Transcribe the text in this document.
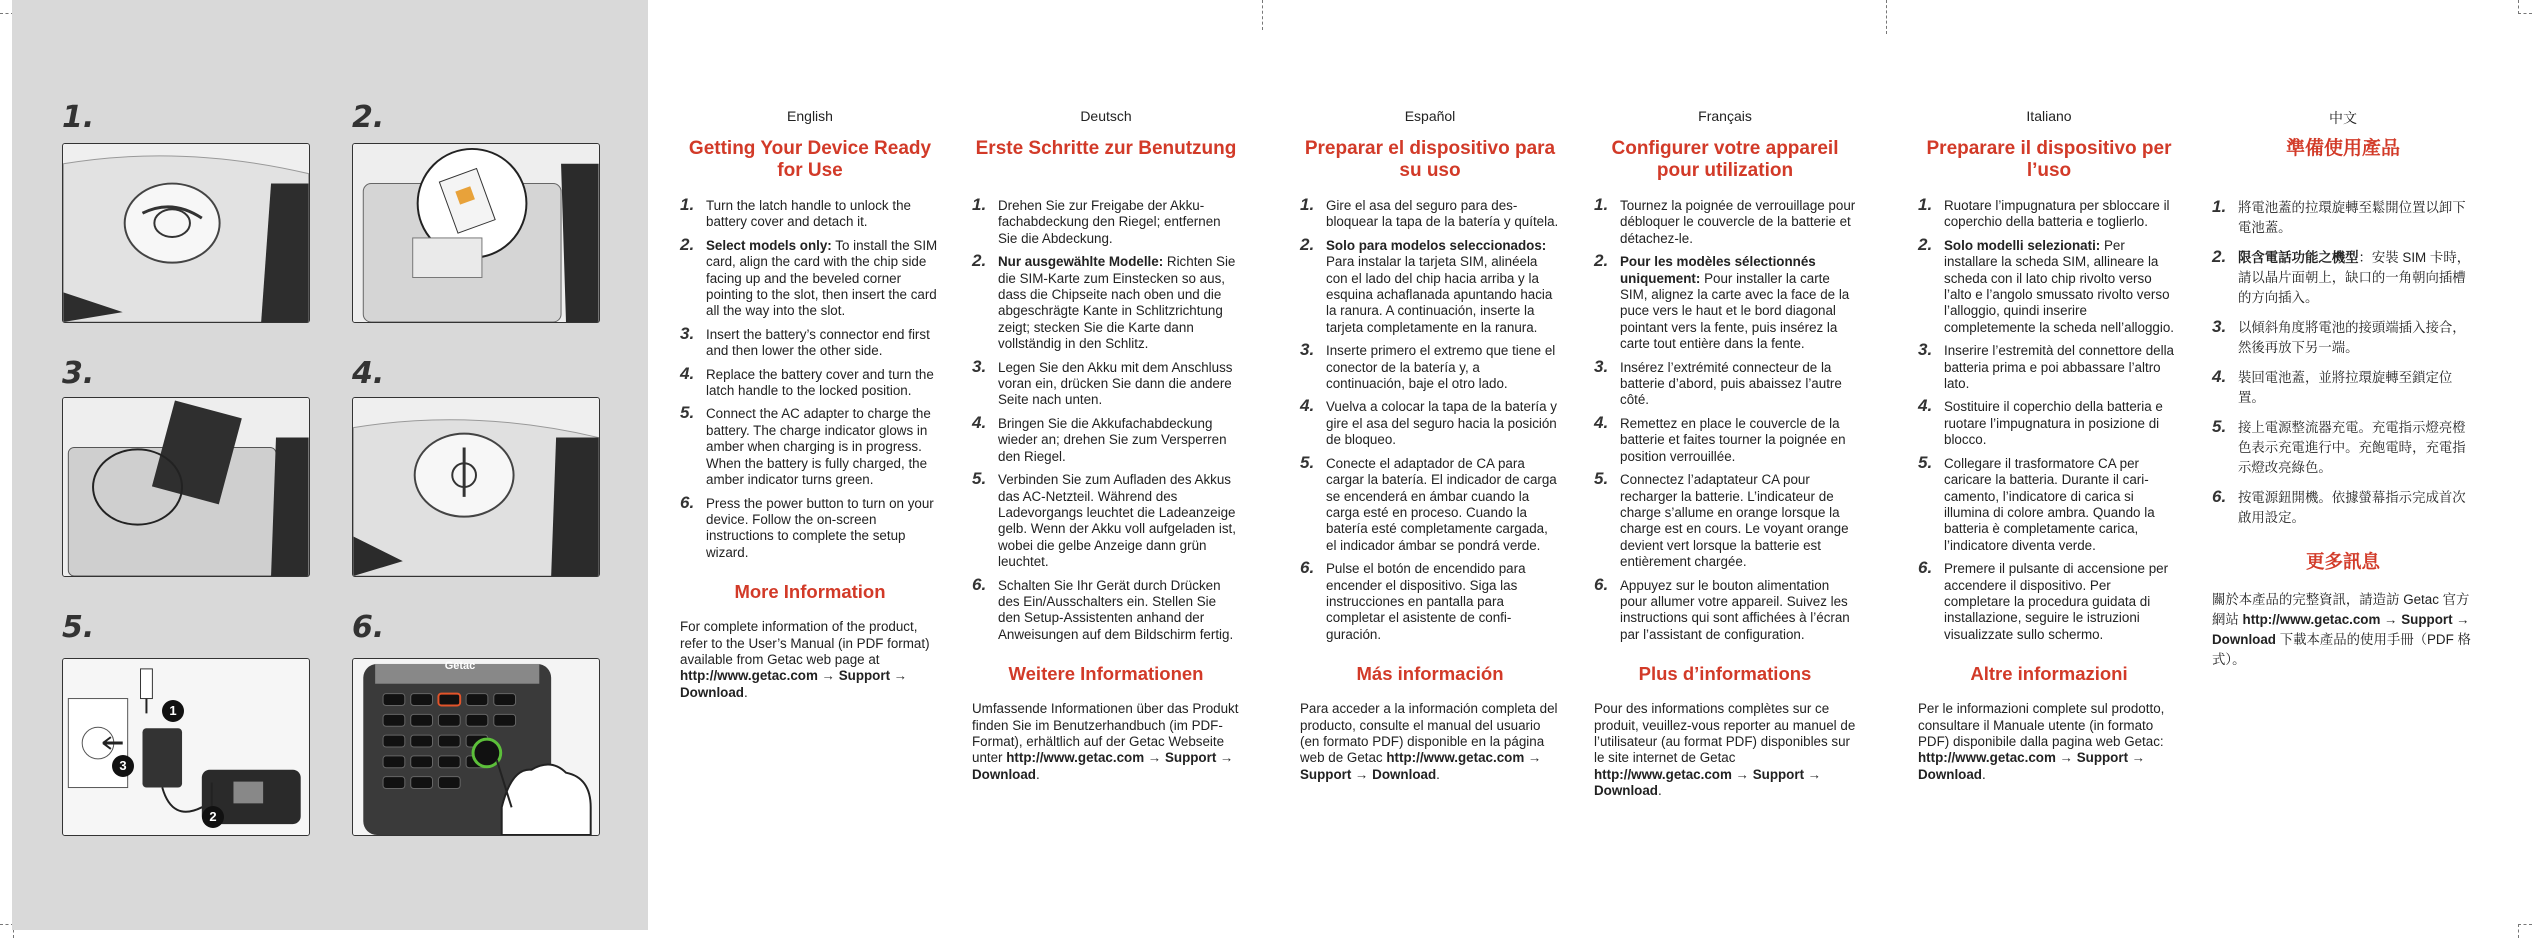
1.	2.
3.	4.
5.	6.
1
2
3
Getac
English
Getting Your Device Ready for Use
1. Turn the latch handle to unlock the battery cover and detach it.
2. Select models only: To install the SIM card, align the card with the chip side facing up and the beveled corner pointing to the slot, then insert the card all the way into the slot.
3. Insert the battery’s connector end first and then lower the other side.
4. Replace the battery cover and turn the latch handle to the locked position.
5. Connect the AC adapter to charge the battery. The charge indicator glows in amber when charging is in progress. When the battery is fully charged, the amber indicator turns green.
6. Press the power button to turn on your device. Follow the on-screen instructions to complete the setup wizard.
More Information
For complete information of the product, refer to the User’s Manual (in PDF format) available from Getac web page at http://www.getac.com → Support → Download.
Deutsch
Erste Schritte zur Benutzung
1. Drehen Sie zur Freigabe der Akkufachabdeckung den Riegel; entfernen Sie die Abdeckung.
2. Nur ausgewählte Modelle: Richten Sie die SIM-Karte zum Einstecken so aus, dass die Chipseite nach oben und die abgeschrägte Kante in Schlitzrichtung zeigt; stecken Sie die Karte dann vollständig in den Schlitz.
3. Legen Sie den Akku mit dem Anschluss voran ein, drücken Sie dann die andere Seite nach unten.
4. Bringen Sie die Akkufachabdeckung wieder an; drehen Sie zum Versperren den Riegel.
5. Verbinden Sie zum Aufladen des Akkus das AC-Netzteil. Während des Ladevorgangs leuchtet die Ladeanzeige gelb. Wenn der Akku voll aufgeladen ist, wobei die gelbe Anzeige dann grün leuchtet.
6. Schalten Sie Ihr Gerät durch Drücken des Ein/Ausschalters ein. Stellen Sie den Setup-Assistenten anhand der Anweisungen auf dem Bildschirm fertig.
Weitere Informationen
Umfassende Informationen über das Produkt finden Sie im Benutzerhandbuch (im PDF-Format), erhältlich auf der Getac Webseite unter http://www.getac.com → Support → Download.
Español
Preparar el dispositivo para su uso
1. Gire el asa del seguro para desbloquear la tapa de la batería y quítela.
2. Solo para modelos seleccionados: Para instalar la tarjeta SIM, alinéela con el lado del chip hacia arriba y la esquina achaflanada apuntando hacia la ranura. A continuación, inserte la tarjeta completamente en la ranura.
3. Inserte primero el extremo que tiene el conector de la batería y, a continuación, baje el otro lado.
4. Vuelva a colocar la tapa de la batería y gire el asa del seguro hacia la posición de bloqueo.
5. Conecte el adaptador de CA para cargar la batería. El indicador de carga se encenderá en ámbar cuando la carga esté en proceso. Cuando la batería esté completamente cargada, el indicador ámbar se pondrá verde.
6. Pulse el botón de encendido para encender el dispositivo. Siga las instrucciones en pantalla para completar el asistente de configuración.
Más información
Para acceder a la información completa del producto, consulte el manual del usuario (en formato PDF) disponible en la página web de Getac http://www.getac.com → Support → Download.
Français
Configurer votre appareil pour utilization
1. Tournez la poignée de verrouillage pour débloquer le couvercle de la batterie et détachez-le.
2. Pour les modèles sélectionnés uniquement: Pour installer la carte SIM, alignez la carte avec la face de la puce vers le haut et le bord diagonal pointant vers la fente, puis insérez la carte tout entière dans la fente.
3. Insérez l’extrémité connecteur de la batterie d’abord, puis abaissez l’autre côté.
4. Remettez en place le couvercle de la batterie et faites tourner la poignée en position verrouillée.
5. Connectez l’adaptateur CA pour recharger la batterie. L’indicateur de charge s’allume en orange lorsque la charge est en cours. Le voyant orange devient vert lorsque la batterie est entièrement chargée.
6. Appuyez sur le bouton alimentation pour allumer votre appareil. Suivez les instructions qui sont affichées à l’écran par l’assistant de configuration.
Plus d’informations
Pour des informations complètes sur ce produit, veuillez-vous reporter au manuel de l’utilisateur (au format PDF) disponibles sur le site internet de Getac http://www.getac.com → Support → Download.
Italiano
Preparare il dispositivo per l’uso
1. Ruotare l’impugnatura per sbloccare il coperchio della batteria e toglierlo.
2. Solo modelli selezionati: Per installare la scheda SIM, allineare la scheda con il lato chip rivolto verso l’alto e l’angolo smussato rivolto verso l’alloggio, quindi inserire completemente la scheda nell’alloggio.
3. Inserire l’estremità del connettore della batteria prima e poi abbassare l’altro lato.
4. Sostituire il coperchio della batteria e ruotare l’impugnatura in posizione di blocco.
5. Collegare il trasformatore CA per caricare la batteria. Durante il caricamento, l’indicatore di carica si illumina di colore ambra. Quando la batteria è completamente carica, l’indicatore diventa verde.
6. Premere il pulsante di accensione per accendere il dispositivo. Per completare la procedura guidata di installazione, seguire le istruzioni visualizzate sullo schermo.
Altre informazioni
Per le informazioni complete sul prodotto, consultare il Manuale utente (in formato PDF) disponibile dalla pagina web Getac: http://www.getac.com → Support → Download.
中文
準備使用產品
1. 將電池蓋的拉環旋轉至鬆開位置以卸下電池蓋。
2. 限含電話功能之機型：安裝 SIM 卡時，請以晶片面朝上，缺口的一角朝向插槽的方向插入。
3. 以傾斜角度將電池的接頭端插入接合，然後再放下另一端。
4. 裝回電池蓋，並將拉環旋轉至鎖定位置。
5. 接上電源整流器充電。充電指示燈亮橙色表示充電進行中。充飽電時，充電指示燈改亮綠色。
6. 按電源鈕開機。依據螢幕指示完成首次啟用設定。
更多訊息
關於本產品的完整資訊，請造訪 Getac 官方網站 http://www.getac.com → Support → Download 下載本產品的使用手冊（PDF 格式）。
